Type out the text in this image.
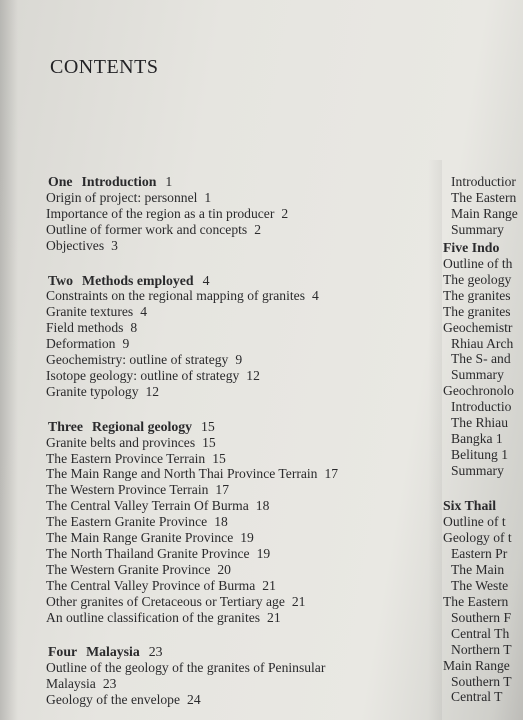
CONTENTS
One Introduction 1
Origin of project: personnel 1
Importance of the region as a tin producer 2
Outline of former work and concepts 2
Objectives 3
Two Methods employed 4
Constraints on the regional mapping of granites 4
Granite textures 4
Field methods 8
Deformation 9
Geochemistry: outline of strategy 9
Isotope geology: outline of strategy 12
Granite typology 12
Three Regional geology 15
Granite belts and provinces 15
The Eastern Province Terrain 15
The Main Range and North Thai Province Terrain 17
The Western Province Terrain 17
The Central Valley Terrain Of Burma 18
The Eastern Granite Province 18
The Main Range Granite Province 19
The North Thailand Granite Province 19
The Western Granite Province 20
The Central Valley Province of Burma 21
Other granites of Cretaceous or Tertiary age 21
An outline classification of the granites 21
Four Malaysia 23
Outline of the geology of the granites of Peninsular
Malaysia 23
Geology of the envelope 24
Introductior
The Eastern
Main Range
Summary
Five Indo
Outline of th
The geology
The granites
The granites
Geochemistr
Rhiau Arch
The S- and
Summary
Geochronolo
Introductio
The Rhiau
Bangka 1
Belitung 1
Summary
Six Thail
Outline of t
Geology of t
Eastern Pr
The Main
The Weste
The Eastern
Southern F
Central Th
Northern T
Main Range
Southern T
Central T
